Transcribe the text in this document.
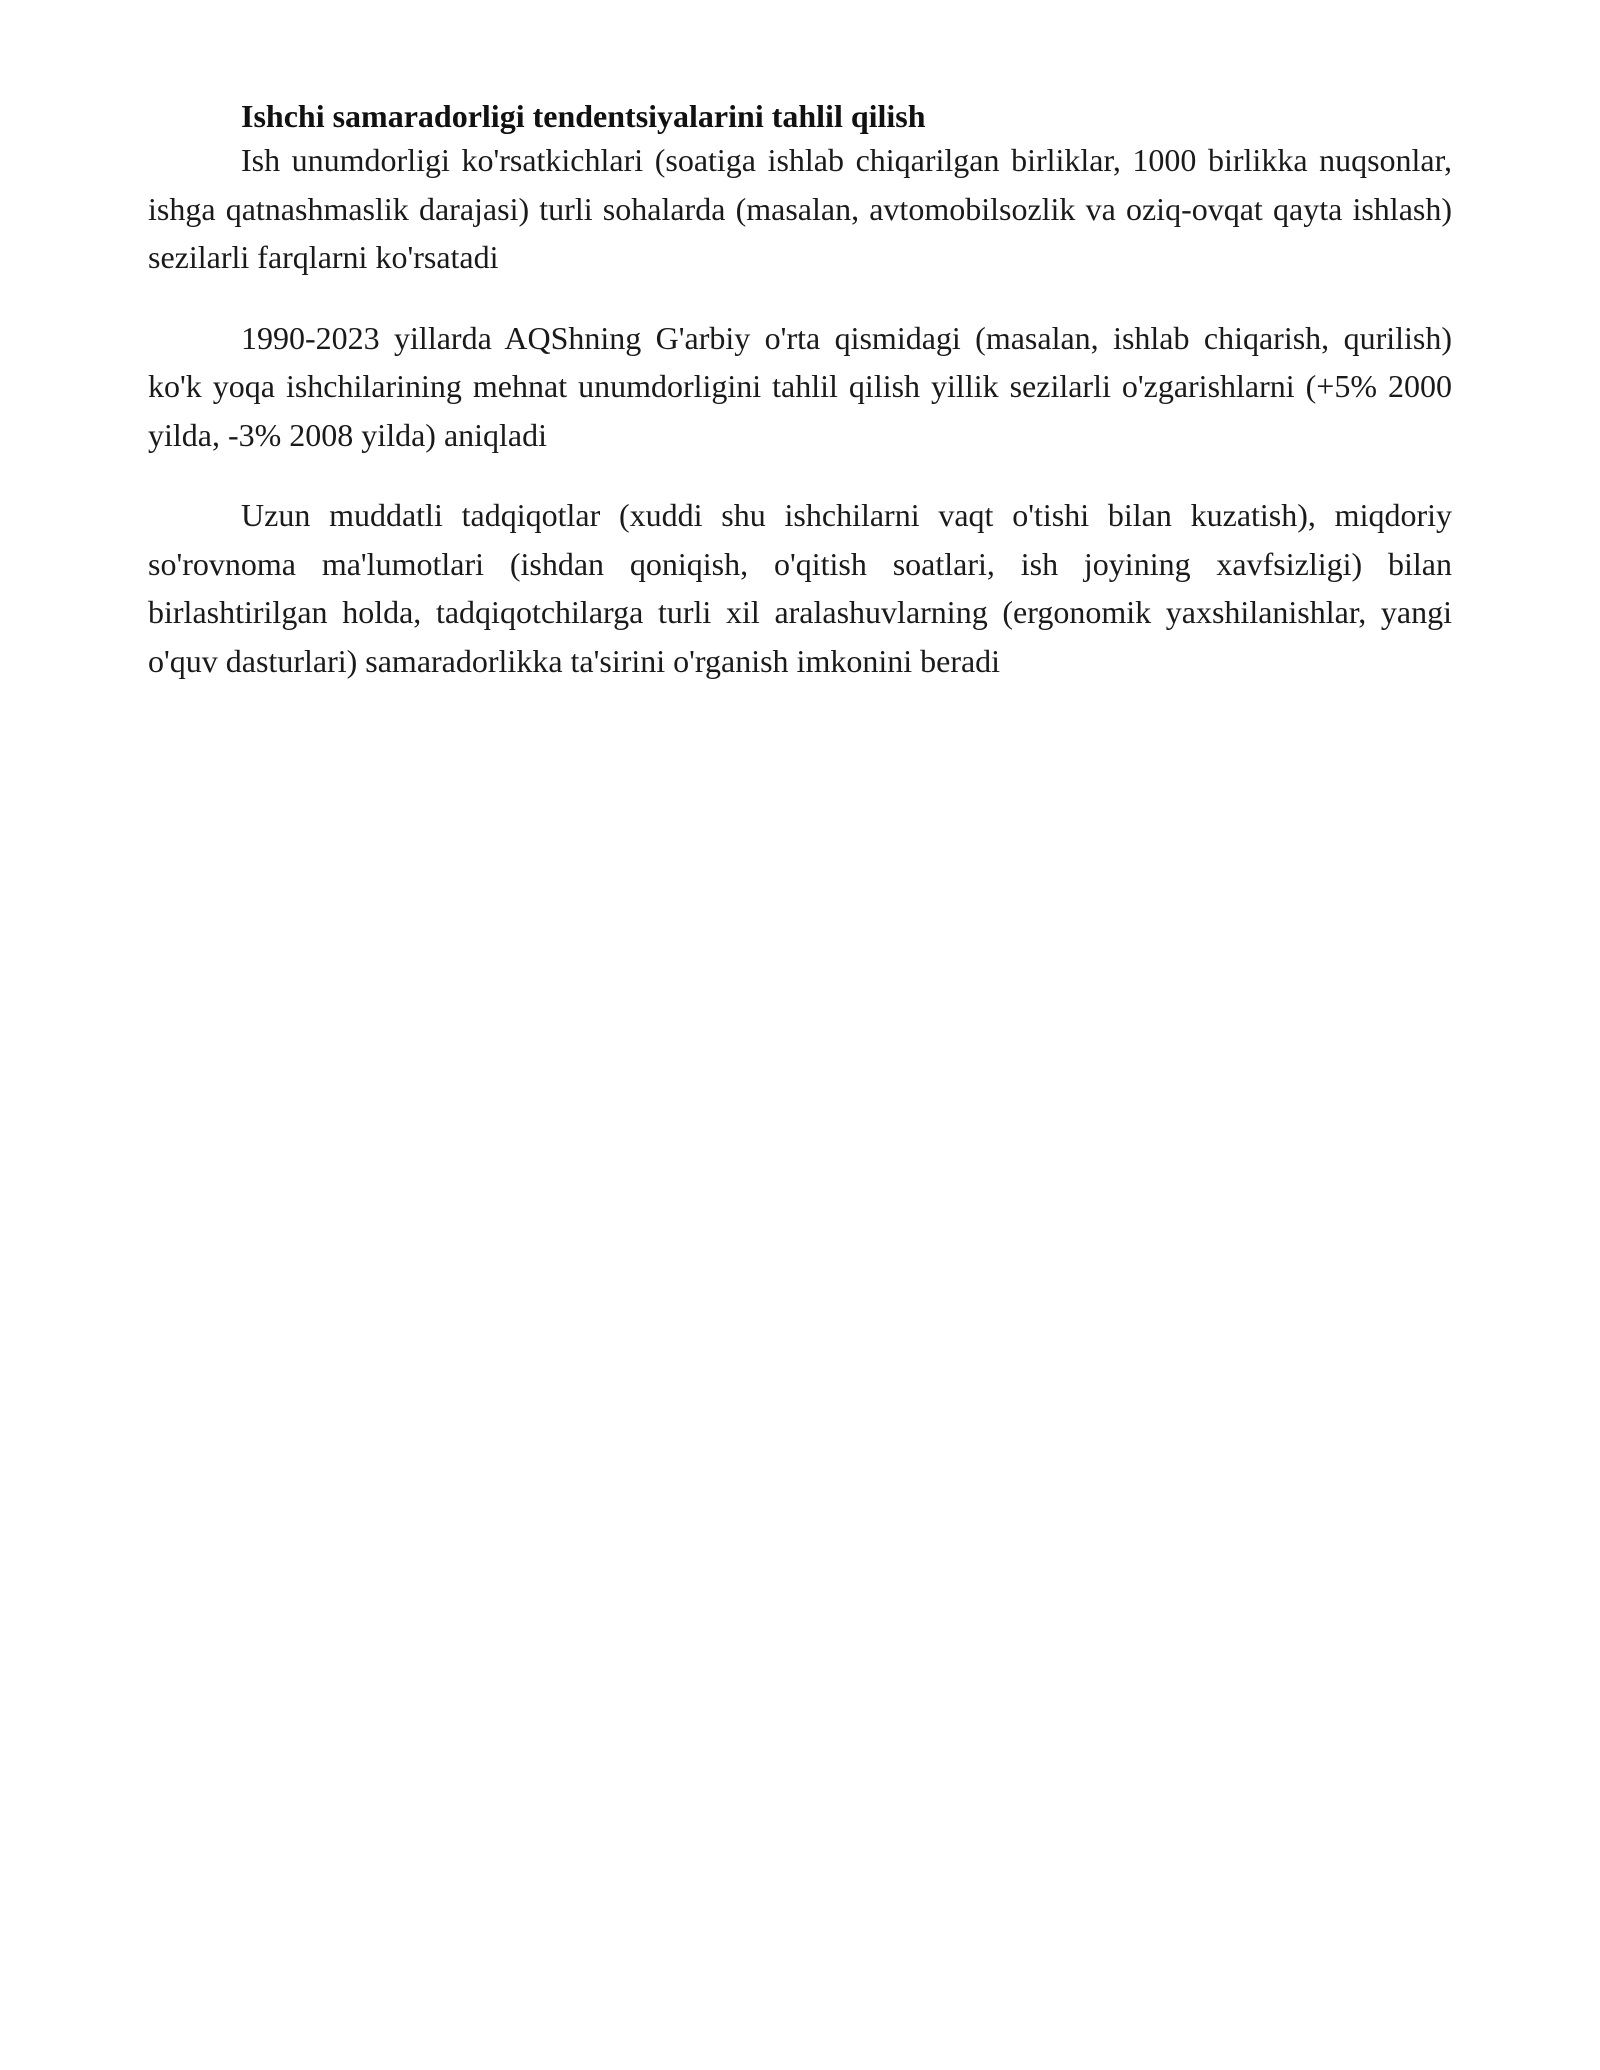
Ishchi samaradorligi tendentsiyalarini tahlil qilish

Ish unumdorligi ko'rsatkichlari (soatiga ishlab chiqarilgan birliklar, 1000 birlikka nuqsonlar, ishga qatnashmaslik darajasi) turli sohalarda (masalan, avtomobilsozlik va oziq-ovqat qayta ishlash) sezilarli farqlarni ko'rsatadi

1990-2023 yillarda AQShning G'arbiy o'rta qismidagi (masalan, ishlab chiqarish, qurilish) ko'k yoqa ishchilarining mehnat unumdorligini tahlil qilish yillik sezilarli o'zgarishlarni (+5% 2000 yilda, -3% 2008 yilda) aniqladi

Uzun muddatli tadqiqotlar (xuddi shu ishchilarni vaqt o'tishi bilan kuzatish), miqdoriy so'rovnoma ma'lumotlari (ishdan qoniqish, o'qitish soatlari, ish joyining xavfsizligi) bilan birlashtirilgan holda, tadqiqotchilarga turli xil aralashuvlarning (ergonomik yaxshilanishlar, yangi o'quv dasturlari) samaradorlikka ta'sirini o'rganish imkonini beradi
